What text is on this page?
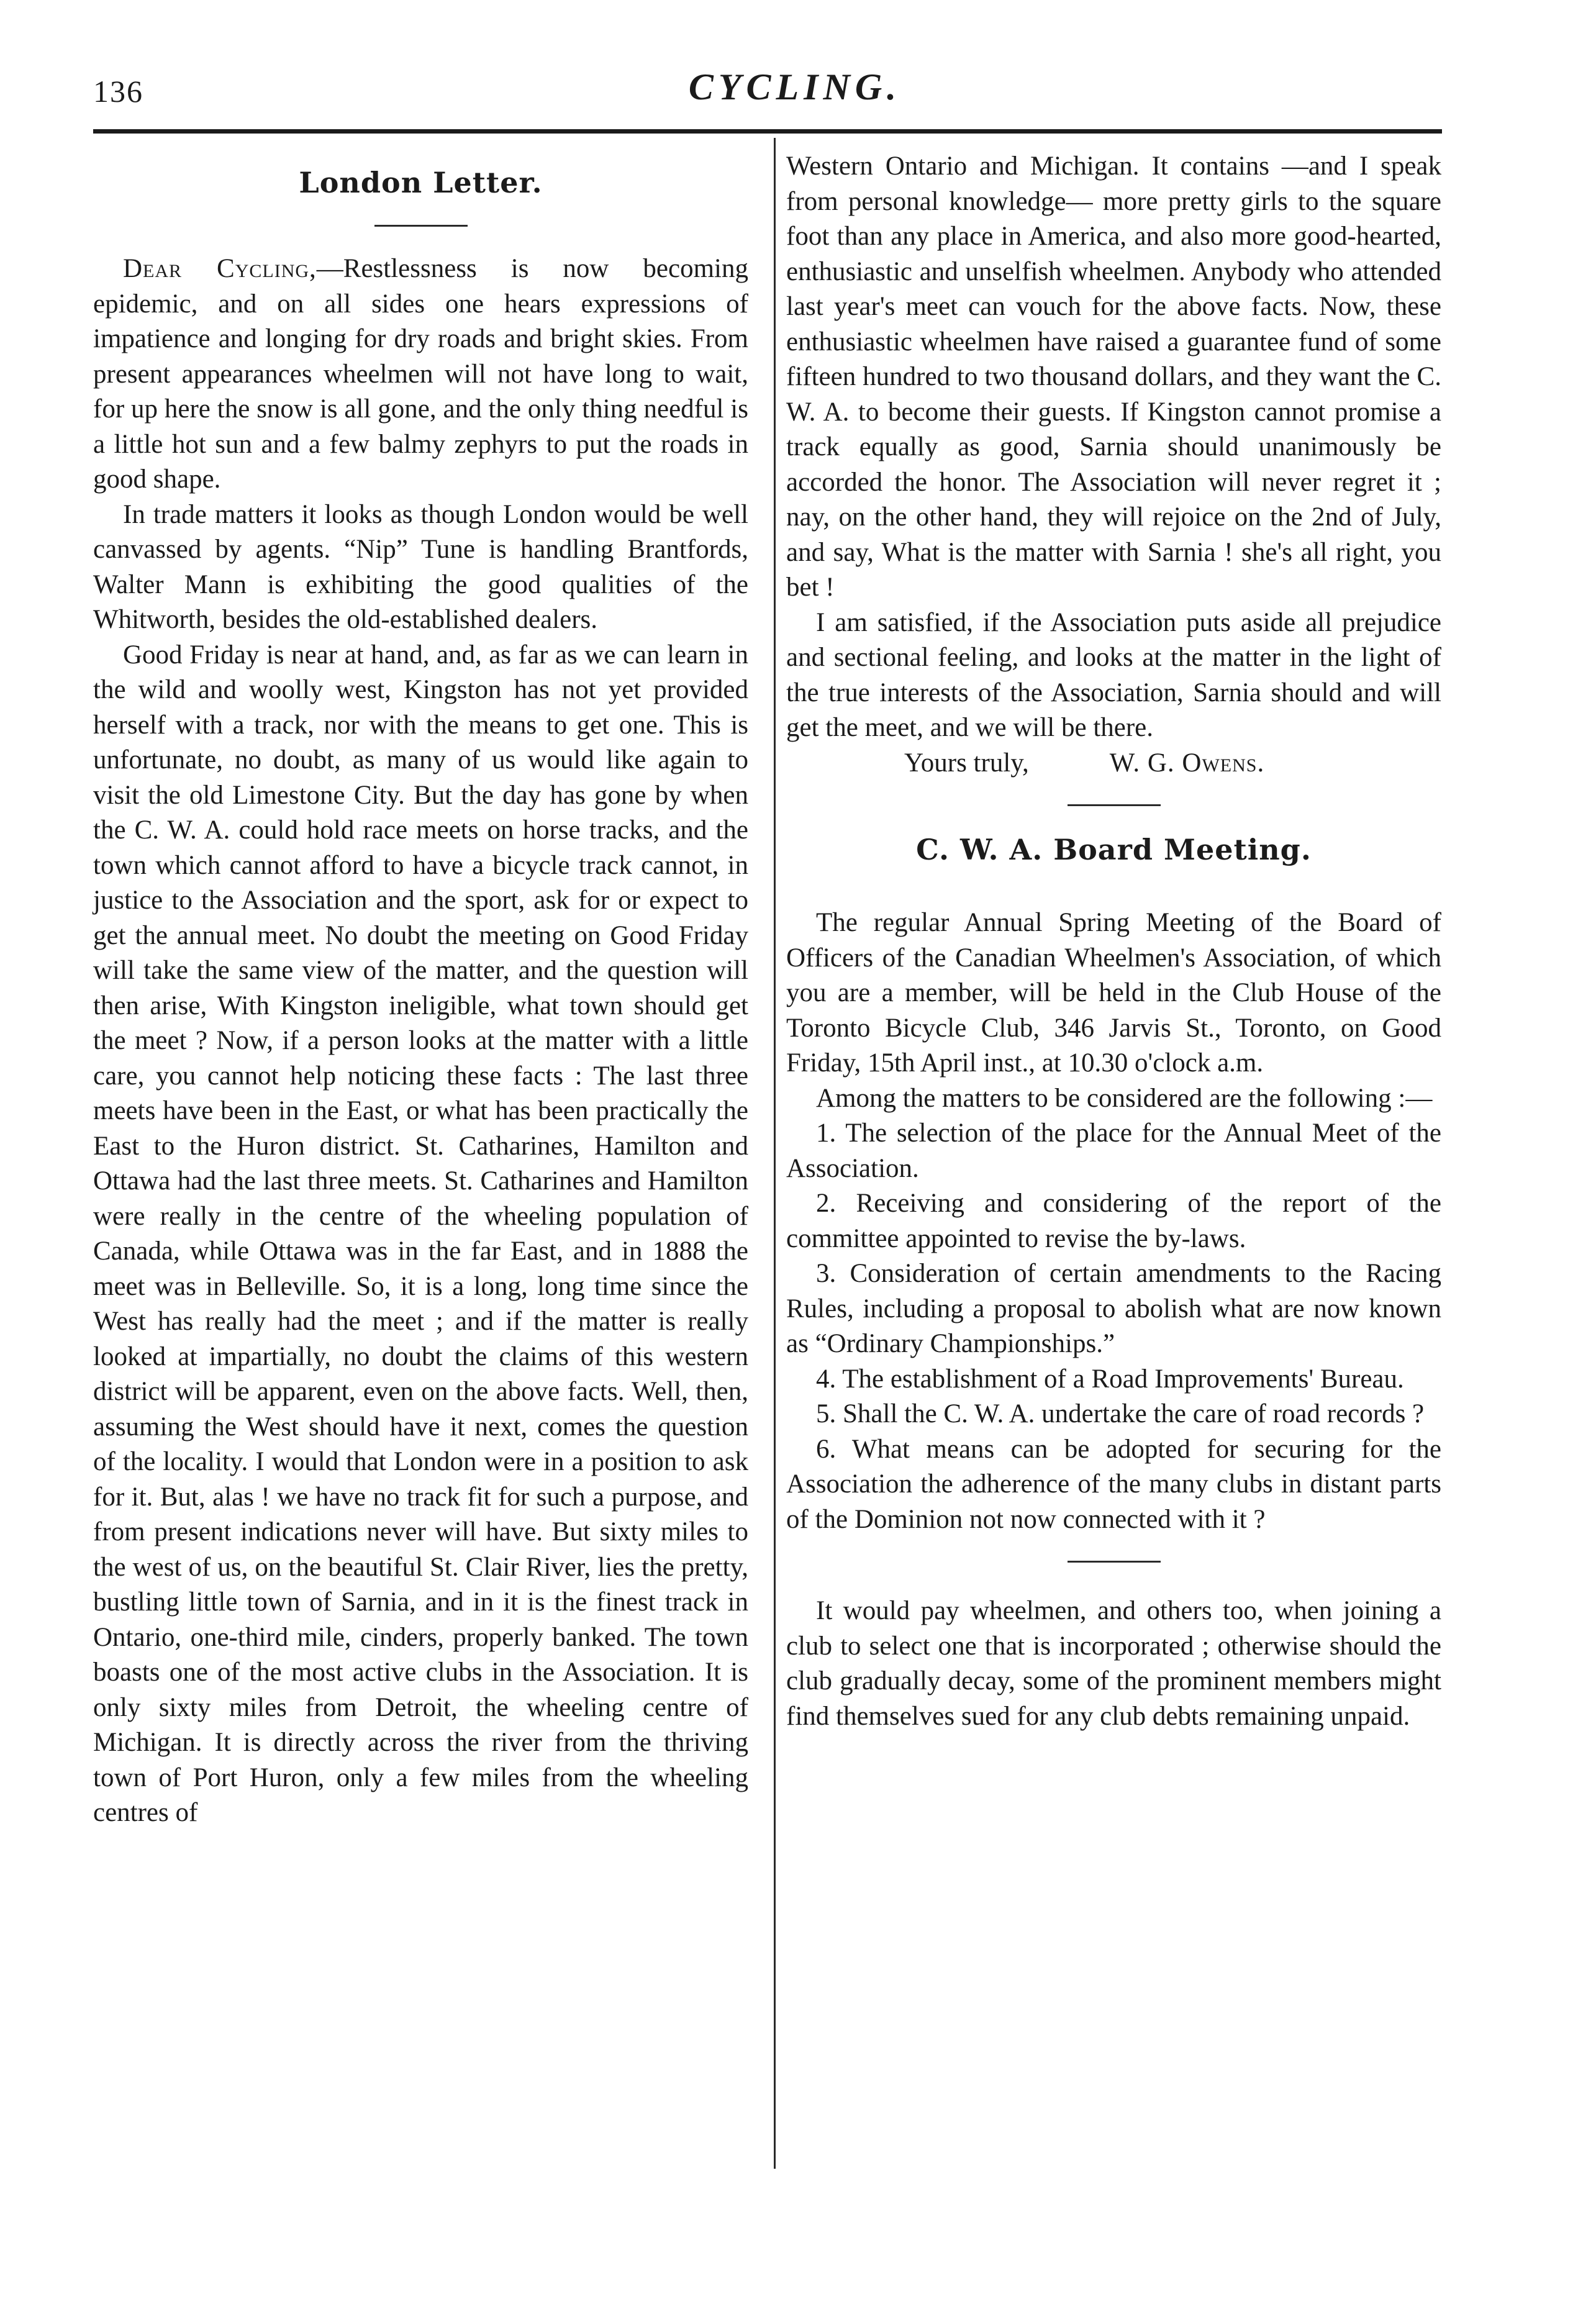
136	CYCLING.
London Letter.

Dear Cycling,—Restlessness is now becoming epidemic, and on all sides one hears expressions of impatience and longing for dry roads and bright skies. From present appearances wheelmen will not have long to wait, for up here the snow is all gone, and the only thing needful is a little hot sun and a few balmy zephyrs to put the roads in good shape.

In trade matters it looks as though London would be well canvassed by agents. “Nip” Tune is handling Brantfords, Walter Mann is exhibiting the good qualities of the Whitworth, besides the old-established dealers.

Good Friday is near at hand, and, as far as we can learn in the wild and woolly west, Kingston has not yet provided herself with a track, nor with the means to get one. This is unfortunate, no doubt, as many of us would like again to visit the old Limestone City. But the day has gone by when the C. W. A. could hold race meets on horse tracks, and the town which cannot afford to have a bicycle track cannot, in justice to the Association and the sport, ask for or expect to get the annual meet. No doubt the meeting on Good Friday will take the same view of the matter, and the question will then arise, With Kingston ineligible, what town should get the meet ? Now, if a person looks at the matter with a little care, you cannot help noticing these facts : The last three meets have been in the East, or what has been practically the East to the Huron district. St. Catharines, Hamilton and Ottawa had the last three meets. St. Catharines and Hamilton were really in the centre of the wheeling population of Canada, while Ottawa was in the far East, and in 1888 the meet was in Belleville. So, it is a long, long time since the West has really had the meet ; and if the matter is really looked at impartially, no doubt the claims of this western district will be apparent, even on the above facts. Well, then, assuming the West should have it next, comes the question of the locality. I would that London were in a position to ask for it. But, alas ! we have no track fit for such a purpose, and from present indications never will have. But sixty miles to the west of us, on the beautiful St. Clair River, lies the pretty, bustling little town of Sarnia, and in it is the finest track in Ontario, one-third mile, cinders, properly banked. The town boasts one of the most active clubs in the Association. It is only sixty miles from Detroit, the wheeling centre of Michigan. It is directly across the river from the thriving town of Port Huron, only a few miles from the wheeling centres of

Western Ontario and Michigan. It contains —and I speak from personal knowledge— more pretty girls to the square foot than any place in America, and also more good-hearted, enthusiastic and unselfish wheelmen. Anybody who attended last year's meet can vouch for the above facts. Now, these enthusiastic wheelmen have raised a guarantee fund of some fifteen hundred to two thousand dollars, and they want the C. W. A. to become their guests. If Kingston cannot promise a track equally as good, Sarnia should unanimously be accorded the honor. The Association will never regret it ; nay, on the other hand, they will rejoice on the 2nd of July, and say, What is the matter with Sarnia ! she's all right, you bet !

I am satisfied, if the Association puts aside all prejudice and sectional feeling, and looks at the matter in the light of the true interests of the Association, Sarnia should and will get the meet, and we will be there.

Yours truly,	W. G. Owens.
C. W. A. Board Meeting.

The regular Annual Spring Meeting of the Board of Officers of the Canadian Wheelmen's Association, of which you are a member, will be held in the Club House of the Toronto Bicycle Club, 346 Jarvis St., Toronto, on Good Friday, 15th April inst., at 10.30 o'clock a.m.

Among the matters to be considered are the following :—

1. The selection of the place for the Annual Meet of the Association.

2. Receiving and considering of the report of the committee appointed to revise the by-laws.

3. Consideration of certain amendments to the Racing Rules, including a proposal to abolish what are now known as “Ordinary Championships.”

4. The establishment of a Road Improvements' Bureau.

5. Shall the C. W. A. undertake the care of road records ?

6. What means can be adopted for securing for the Association the adherence of the many clubs in distant parts of the Dominion not now connected with it ?

It would pay wheelmen, and others too, when joining a club to select one that is incorporated ; otherwise should the club gradually decay, some of the prominent members might find themselves sued for any club debts remaining unpaid.
